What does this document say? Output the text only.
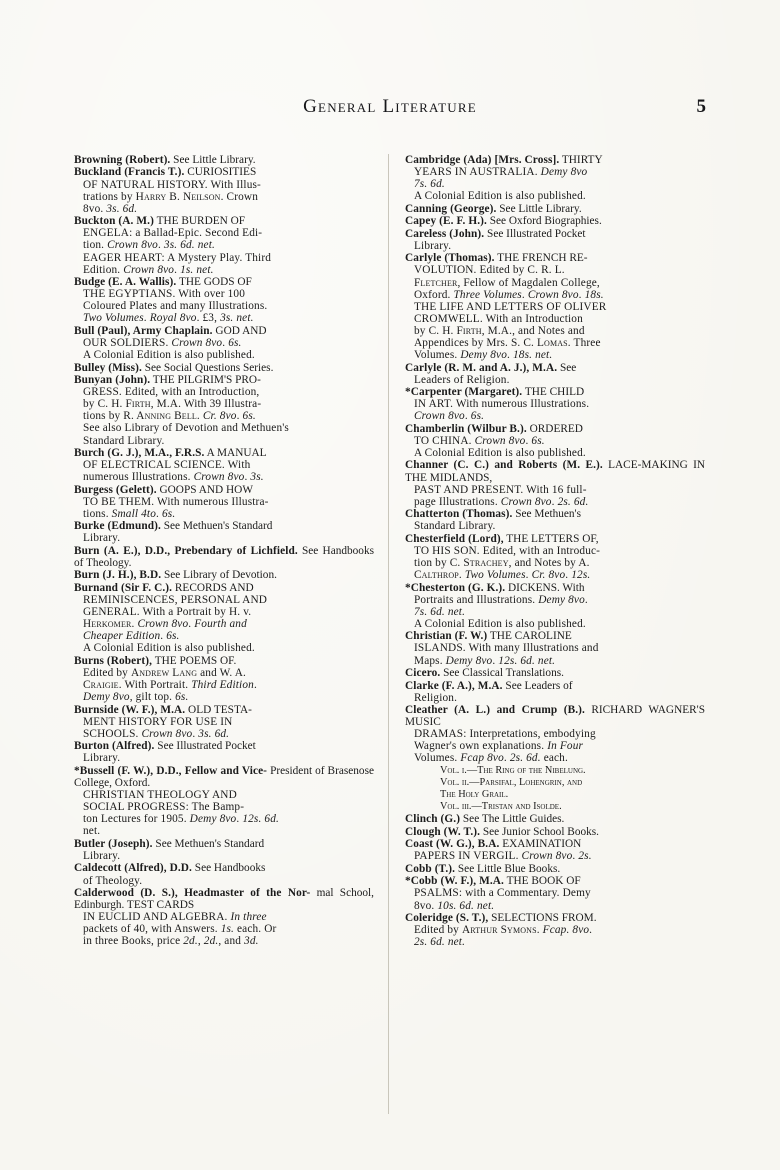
General Literature	5
Browning (Robert). See Little Library.
Buckland (Francis T.). CURIOSITIES
OF NATURAL HISTORY. With Illus-
trations by Harry B. Neilson. Crown
8vo. 3s. 6d.
Buckton (A. M.) THE BURDEN OF
ENGELA: a Ballad-Epic. Second Edi-
tion. Crown 8vo. 3s. 6d. net.
EAGER HEART: A Mystery Play. Third
Edition. Crown 8vo. 1s. net.
Budge (E. A. Wallis). THE GODS OF
THE EGYPTIANS. With over 100
Coloured Plates and many Illustrations.
Two Volumes. Royal 8vo. £3, 3s. net.
Bull (Paul), Army Chaplain. GOD AND
OUR SOLDIERS. Crown 8vo. 6s.
A Colonial Edition is also published.
Bulley (Miss). See Social Questions Series.
Bunyan (John). THE PILGRIM'S PRO-
GRESS. Edited, with an Introduction,
by C. H. Firth, M.A. With 39 Illustra-
tions by R. Anning Bell. Cr. 8vo. 6s.
See also Library of Devotion and Methuen's
Standard Library.
Burch (G. J.), M.A., F.R.S. A MANUAL
OF ELECTRICAL SCIENCE. With
numerous Illustrations. Crown 8vo. 3s.
Burgess (Gelett). GOOPS AND HOW
TO BE THEM. With numerous Illustra-
tions. Small 4to. 6s.
Burke (Edmund). See Methuen's Standard
Library.
Burn (A. E.), D.D., Prebendary of Lichfield. See Handbooks of Theology.
Burn (J. H.), B.D. See Library of Devotion.
Burnand (Sir F. C.). RECORDS AND
REMINISCENCES, PERSONAL AND
GENERAL. With a Portrait by H. v.
Herkomer. Crown 8vo. Fourth and
Cheaper Edition. 6s.
A Colonial Edition is also published.
Burns (Robert), THE POEMS OF.
Edited by Andrew Lang and W. A.
Craigie. With Portrait. Third Edition.
Demy 8vo, gilt top. 6s.
Burnside (W. F.), M.A. OLD TESTA-
MENT HISTORY FOR USE IN
SCHOOLS. Crown 8vo. 3s. 6d.
Burton (Alfred). See Illustrated Pocket
Library.
*Bussell (F. W.), D.D., Fellow and Vice- President of Brasenose College, Oxford.
CHRISTIAN THEOLOGY AND
SOCIAL PROGRESS: The Bamp-
ton Lectures for 1905. Demy 8vo. 12s. 6d.
net.
Butler (Joseph). See Methuen's Standard
Library.
Caldecott (Alfred), D.D. See Handbooks
of Theology.
Calderwood (D. S.), Headmaster of the Nor- mal School, Edinburgh. TEST CARDS
IN EUCLID AND ALGEBRA. In three
packets of 40, with Answers. 1s. each. Or
in three Books, price 2d., 2d., and 3d.
Cambridge (Ada) [Mrs. Cross]. THIRTY
YEARS IN AUSTRALIA. Demy 8vo
7s. 6d.
A Colonial Edition is also published.
Canning (George). See Little Library.
Capey (E. F. H.). See Oxford Biographies.
Careless (John). See Illustrated Pocket
Library.
Carlyle (Thomas). THE FRENCH RE-
VOLUTION. Edited by C. R. L.
Fletcher, Fellow of Magdalen College,
Oxford. Three Volumes. Crown 8vo. 18s.
THE LIFE AND LETTERS OF OLIVER
CROMWELL. With an Introduction
by C. H. Firth, M.A., and Notes and
Appendices by Mrs. S. C. Lomas. Three
Volumes. Demy 8vo. 18s. net.
Carlyle (R. M. and A. J.), M.A. See
Leaders of Religion.
*Carpenter (Margaret). THE CHILD
IN ART. With numerous Illustrations.
Crown 8vo. 6s.
Chamberlin (Wilbur B.). ORDERED
TO CHINA. Crown 8vo. 6s.
A Colonial Edition is also published.
Channer (C. C.) and Roberts (M. E.). LACE-MAKING IN THE MIDLANDS,
PAST AND PRESENT. With 16 full-
page Illustrations. Crown 8vo. 2s. 6d.
Chatterton (Thomas). See Methuen's
Standard Library.
Chesterfield (Lord), THE LETTERS OF,
TO HIS SON. Edited, with an Introduc-
tion by C. Strachey, and Notes by A.
Calthrop. Two Volumes. Cr. 8vo. 12s.
*Chesterton (G. K.). DICKENS. With
Portraits and Illustrations. Demy 8vo.
7s. 6d. net.
A Colonial Edition is also published.
Christian (F. W.) THE CAROLINE
ISLANDS. With many Illustrations and
Maps. Demy 8vo. 12s. 6d. net.
Cicero. See Classical Translations.
Clarke (F. A.), M.A. See Leaders of
Religion.
Cleather (A. L.) and Crump (B.). RICHARD WAGNER'S MUSIC
DRAMAS: Interpretations, embodying
Wagner's own explanations. In Four
Volumes. Fcap 8vo. 2s. 6d. each.
Vol. i.—The Ring of the Nibelung.
Vol. ii.—Parsifal, Lohengrin, and
The Holy Grail.
Vol. iii.—Tristan and Isolde.
Clinch (G.) See The Little Guides.
Clough (W. T.). See Junior School Books.
Coast (W. G.), B.A. EXAMINATION
PAPERS IN VERGIL. Crown 8vo. 2s.
Cobb (T.). See Little Blue Books.
*Cobb (W. F.), M.A. THE BOOK OF
PSALMS: with a Commentary. Demy
8vo. 10s. 6d. net.
Coleridge (S. T.), SELECTIONS FROM.
Edited by Arthur Symons. Fcap. 8vo.
2s. 6d. net.
